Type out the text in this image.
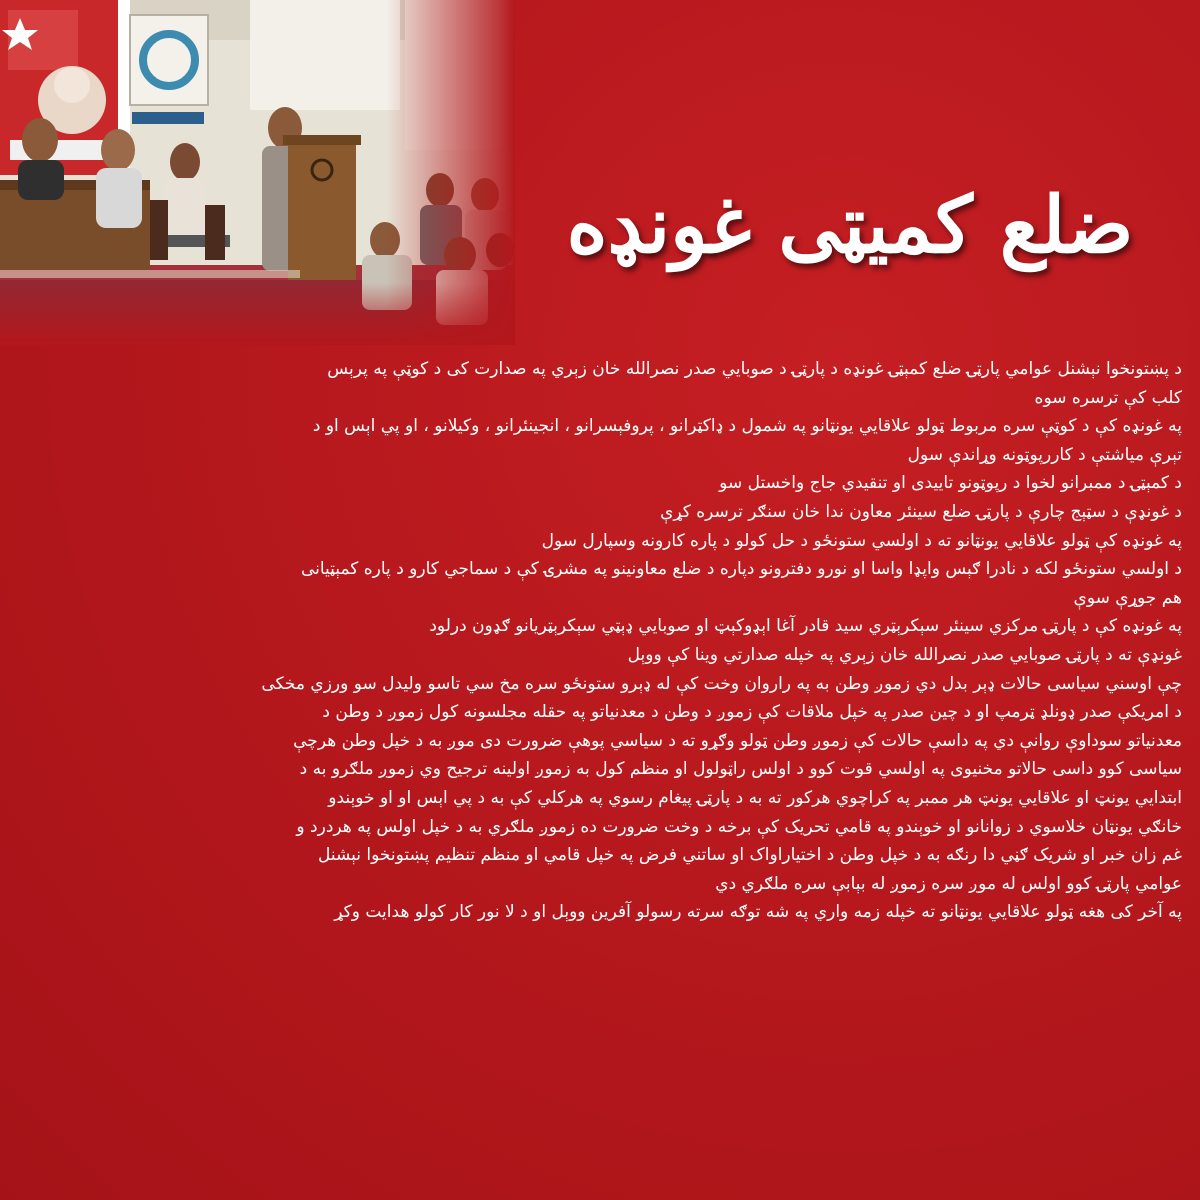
ضلع کمیټی غونډه
د پښتونخوا نېشنل عوامي پارټۍ ضلع کمېټۍ غونډه د پارټۍ د صوبايي صدر نصرالله خان زېري په صدارت کی د کوټې په پرېس
کلب کې ترسره سوه
په غونډه کې د کوټې سره مربوط ټولو علاقايي يونټانو په شمول د ډاکټرانو ، پروفېسرانو ، انجينئرانو ، وکيلانو ، او پي اېس او د
تېرې مياشتې د کاررپوټونه وړاندې سول
د کمېټۍ د ممبرانو لخوا د رپوټونو تاييدی او تنقيدي جاج واخستل سو
د غونډې د سټېج چارې د پارټۍ ضلع سينئر معاون ندا خان سنګر ترسره کړې
په غونډه کې ټولو علاقايي يونټانو ته د اولسي ستونځو د حل کولو د پاره کارونه وسپارل سول
د اولسي ستونځو لکه د نادرا ګېس واپډا واسا او نورو دفترونو دپاره د ضلع معاونينو په مشرۍ کې د سماجي کارو د پاره کمېټيانی
هم جوړې سوې
په غونډه کې د پارټۍ مرکزي سينئر سېکرېټري سيد قادر آغا اېډوکېټ او صوبايي ډېټي سېکرېټريانو ګډون درلود
غونډې ته د پارټۍ صوبايي صدر نصرالله خان زېري په خپله صدارتي وينا کې ووېل
چې اوسني سياسی حالات ډېر بدل دي زموږ وطن به په راروان وخت کې له ډېرو ستونځو سره مخ سي تاسو وليدل سو ورزي مخکی
د امريکې صدر ډونلډ ټرمپ او د چين صدر په خپل ملاقات کې زموږ د وطن د معدنياتو په حقله مجلسونه کول زموږ د وطن د
معدنياتو سوداوې روانې دي په داسې حالات کې زموږ وطن ټولو وګړو ته د سياسي پوهې ضرورت دی موږ به د خپل وطن هرچې
سياسی کوو داسی حالاتو مخنيوی په اولسي قوت کوو د اولس راټولول او منظم کول به زموږ اولينه ترجيح وي زموږ ملګرو به د
ابتدايي يونټ او علاقايي يونټ هر ممبر په کراچوي هرکور ته به د پارټۍ پيغام رسوي په هرکلي کې به د پي اېس او او خوېندو
خانګي يونټان خلاسوي د زوانانو او خوېندو په قامي تحريک کې برخه د وخت ضرورت ده زموږ ملګري به د خپل اولس په هردرد و
غم زان خبر او شريک ګڼي دا رنګه به د خپل وطن د اختياراواک او ساتني فرض په خپل قامي او منظم تنظيم پښتونخوا نېشنل
عوامي پارټۍ کوو اولس له موږ سره زموږ له بېابې سره ملګري دي
په آخر کی هغه ټولو علاقايي يونټانو ته خپله زمه واري په شه توګه سرته رسولو آفرين ووېل او د لا نور کار کولو هدايت وکړ
